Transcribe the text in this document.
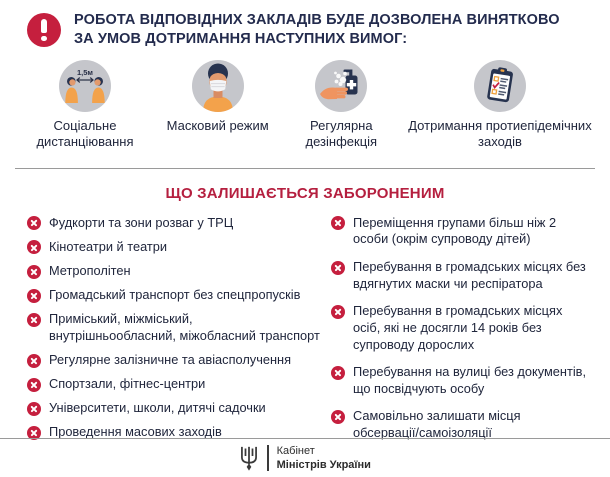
РОБОТА ВІДПОВІДНИХ ЗАКЛАДІВ БУДЕ ДОЗВОЛЕНА ВИНЯТКОВО
ЗА УМОВ ДОТРИМАННЯ НАСТУПНИХ ВИМОГ:
1,5м
Соціальне дистанціювання
Масковий режим	Регулярна дезінфекція
Дотримання протиепідемічних заходів
ЩО ЗАЛИШАЄТЬСЯ ЗАБОРОНЕНИМ
Фудкорти та зони розваг у ТРЦ
Кінотеатри й театри
Метрополітен
Громадський транспорт без спецпропусків
Приміський, міжміський, внутрішньообласний, міжобласний транспорт
Регулярне залізничне та авіасполучення
Спортзали, фітнес-центри
Університети, школи, дитячі садочки
Проведення масових заходів
Переміщення групами більш ніж 2 особи (окрім супроводу дітей)
Перебування в громадських місцях без вдягнутих маски чи респіратора
Перебування в громадських місцях осіб, які не досягли 14 років без супроводу дорослих
Перебування на вулиці без документів, що посвідчують особу
Самовільно залишати місця обсервації/самоізоляції
Кабінет
Міністрів України
